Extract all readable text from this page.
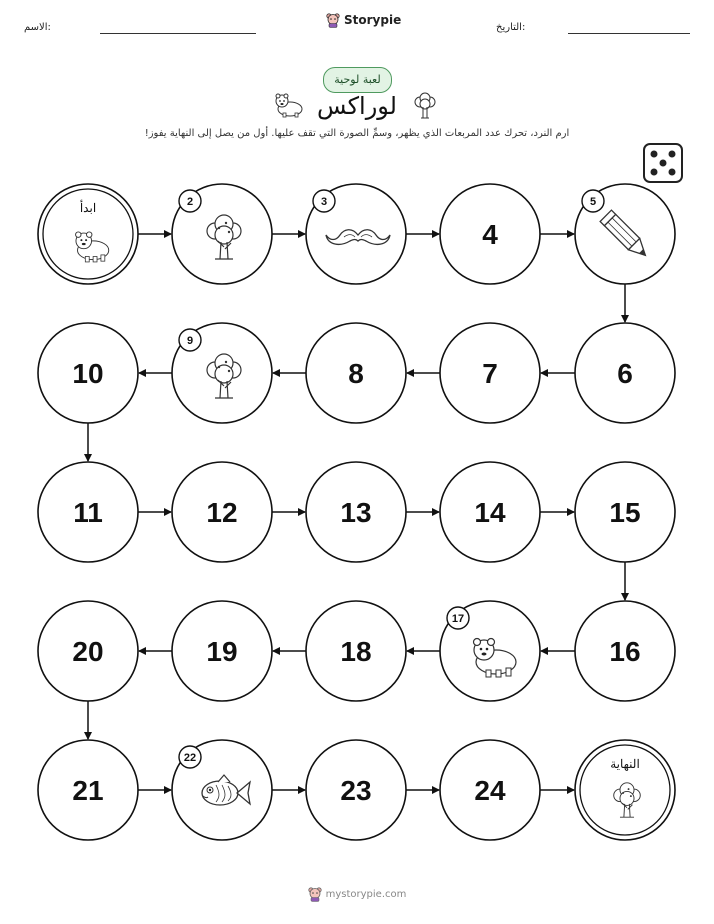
الاسم:
Storypie
التاريخ:
لعبة لوحية
لوراكس
ارم النرد، تحرك عدد المربعات الذي يظهر، وسمِّ الصورة التي تقف عليها. أول من يصل إلى النهاية يفوز!
ابدأ	2	3
4
5
6
7
8
9
10
11	12	13	14	15
16
17
18
19
20
21
22
23	24
النهاية
mystorypie.com
